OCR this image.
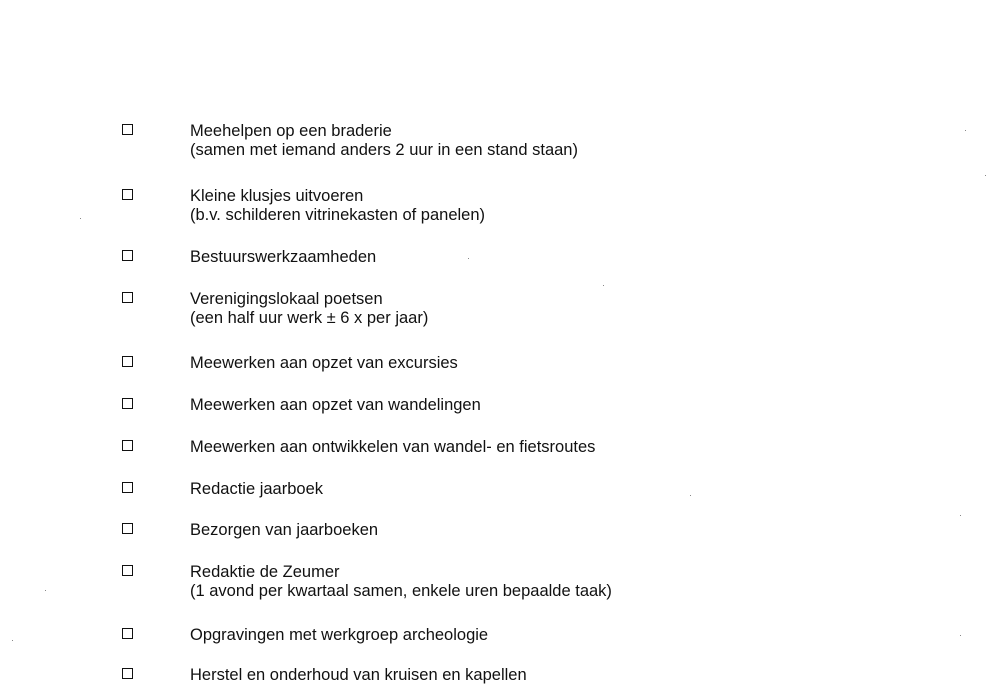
Meehelpen op een braderie
(samen met iemand anders 2 uur in een stand staan)
Kleine klusjes uitvoeren
(b.v. schilderen vitrinekasten of panelen)
Bestuurswerkzaamheden
Verenigingslokaal poetsen
(een half uur werk ± 6 x per jaar)
Meewerken aan opzet van excursies
Meewerken aan opzet van wandelingen
Meewerken aan ontwikkelen van wandel- en fietsroutes
Redactie jaarboek
Bezorgen van jaarboeken
Redaktie de Zeumer
(1 avond per kwartaal samen, enkele uren bepaalde taak)
Opgravingen met werkgroep archeologie
Herstel en onderhoud van kruisen en kapellen
